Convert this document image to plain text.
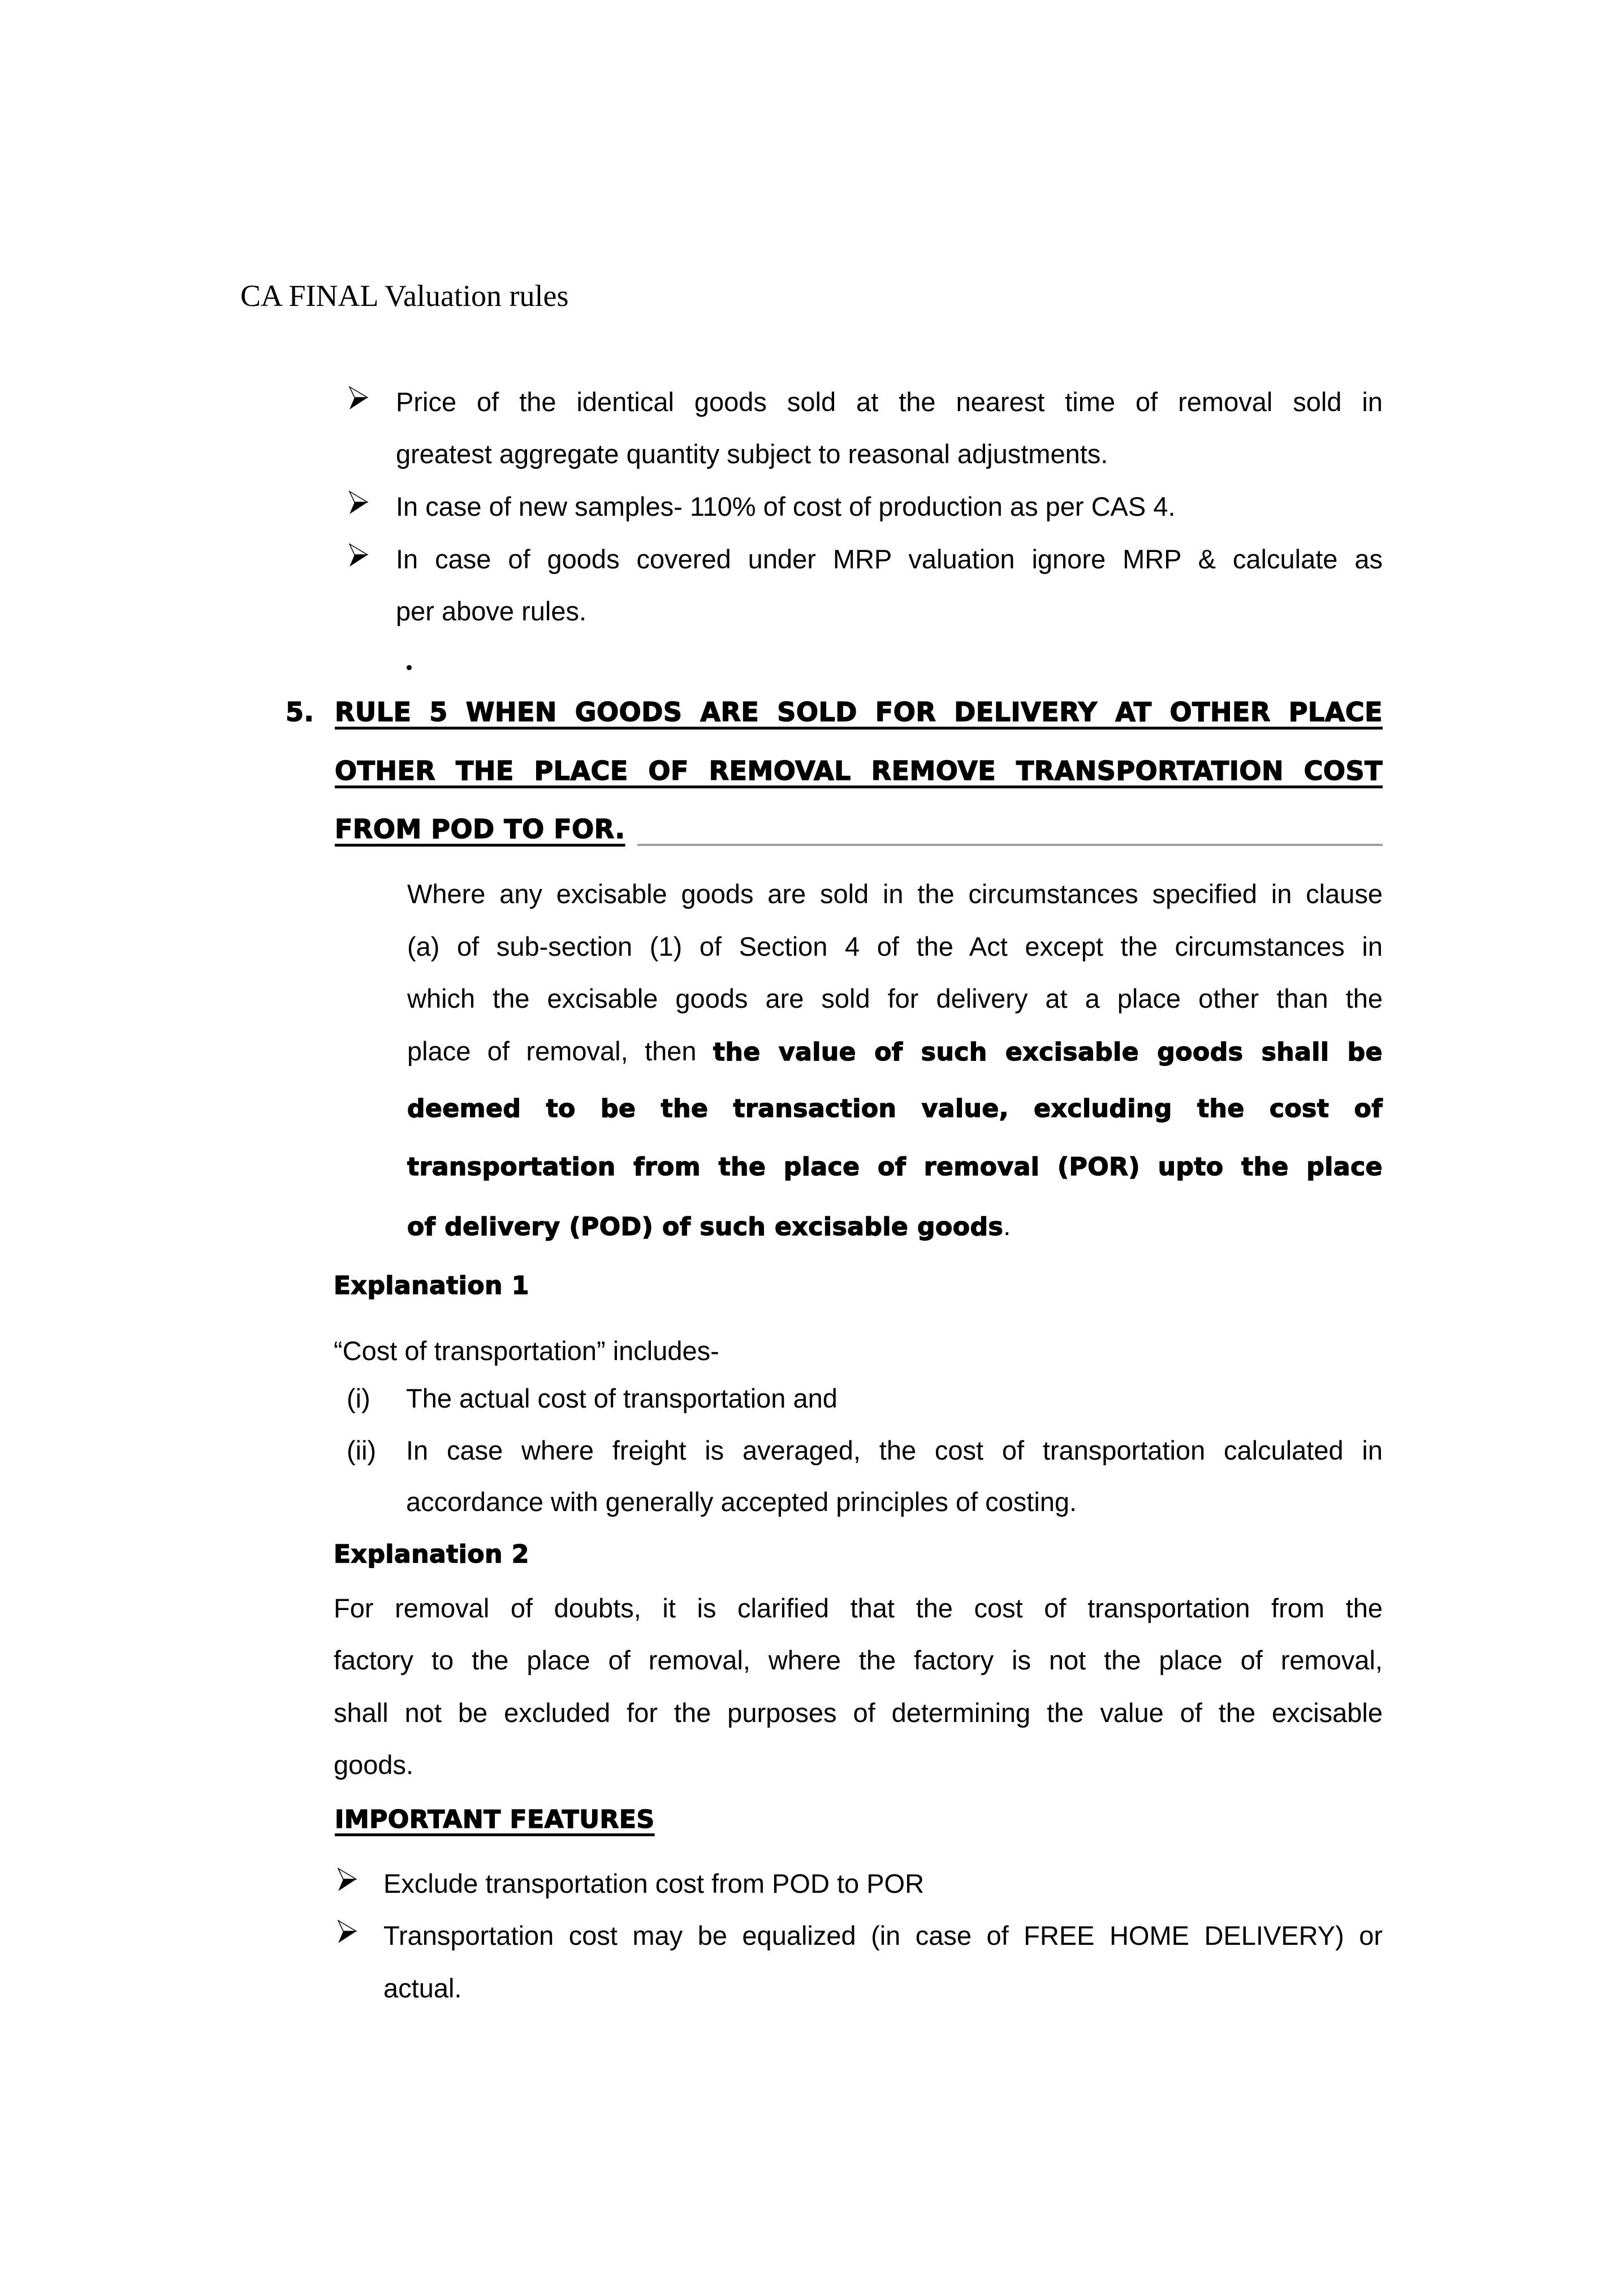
CA FINAL Valuation rules
Price of the identical goods sold at the nearest time of removal sold in
greatest aggregate quantity subject to reasonal adjustments.
In case of new samples- 110% of cost of production as per CAS 4.
In case of goods covered under MRP valuation ignore MRP & calculate as
per above rules.
5. RULE 5 WHEN GOODS ARE SOLD FOR DELIVERY AT OTHER PLACE
OTHER THE PLACE OF REMOVAL REMOVE TRANSPORTATION COST
FROM POD TO FOR.
Where any excisable goods are sold in the circumstances specified in clause
(a) of sub-section (1) of Section 4 of the Act except the circumstances in
which the excisable goods are sold for delivery at a place other than the
place of removal, then the value of such excisable goods shall be
deemed to be the transaction value, excluding the cost of
transportation from the place of removal (POR) upto the place
of delivery (POD) of such excisable goods.
Explanation 1
“Cost of transportation” includes-
(i) The actual cost of transportation and
(ii) In case where freight is averaged, the cost of transportation calculated in
accordance with generally accepted principles of costing.
Explanation 2
For removal of doubts, it is clarified that the cost of transportation from the
factory to the place of removal, where the factory is not the place of removal,
shall not be excluded for the purposes of determining the value of the excisable
goods.
IMPORTANT FEATURES
Exclude transportation cost from POD to POR
Transportation cost may be equalized (in case of FREE HOME DELIVERY) or
actual.
